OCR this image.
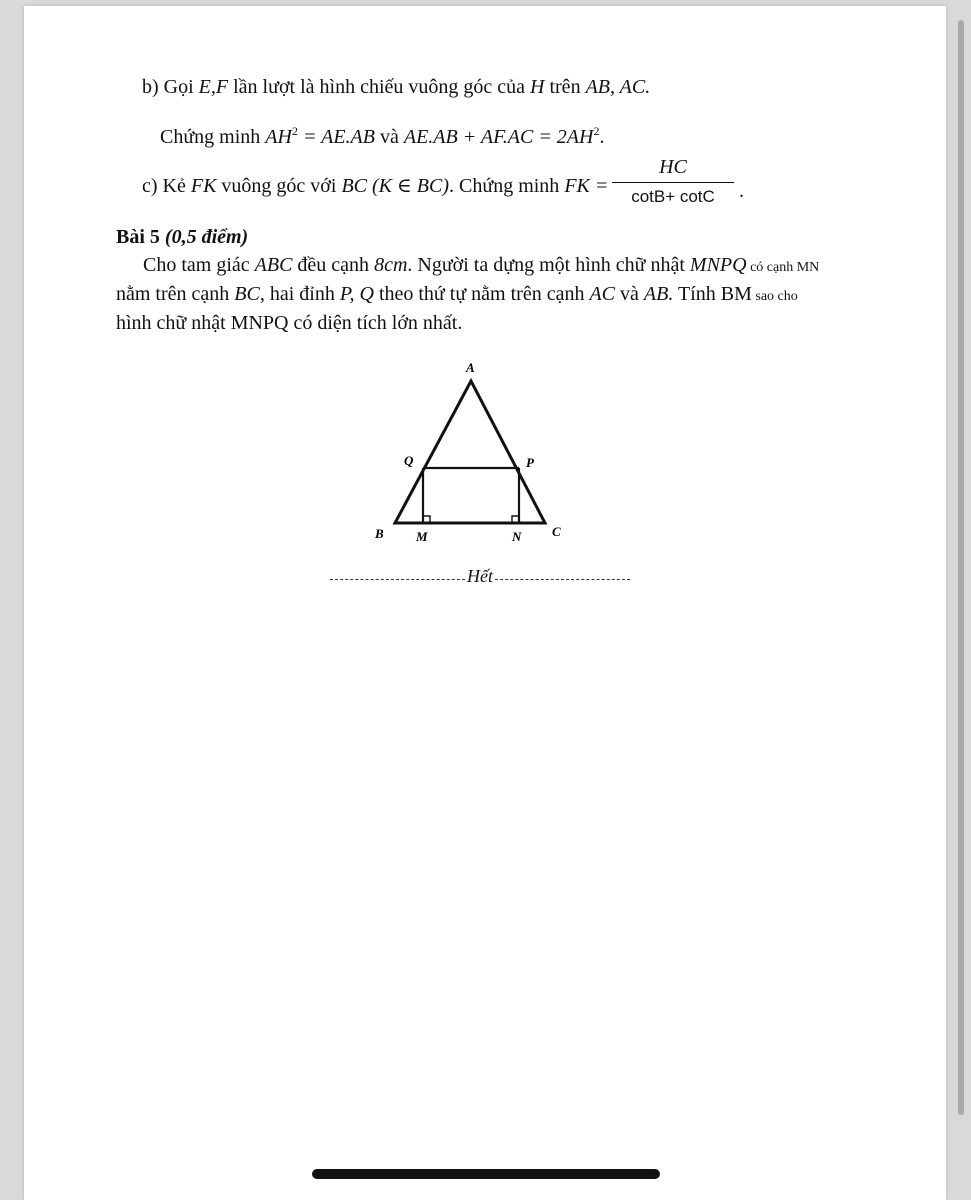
b) Gọi E,F lần lượt là hình chiếu vuông góc của H trên AB, AC.
Chứng minh $AH^2 = AE.AB$ và $AE.AB + AF.AC = 2AH^2$.
c) Kẻ FK vuông góc với BC (K ∈ BC). Chứng minh FK =
HC
cotB+ cotC	.
Bài 5 (0,5 điểm)
Cho tam giác ABC đều cạnh 8cm. Người ta dựng một hình chữ nhật MNPQ có cạnh MN
nằm trên cạnh BC, hai đỉnh P, Q theo thứ tự nằm trên cạnh AC và AB. Tính BM sao cho
hình chữ nhật MNPQ có diện tích lớn nhất.
A
B	C
M	N
P
Q
Hết
